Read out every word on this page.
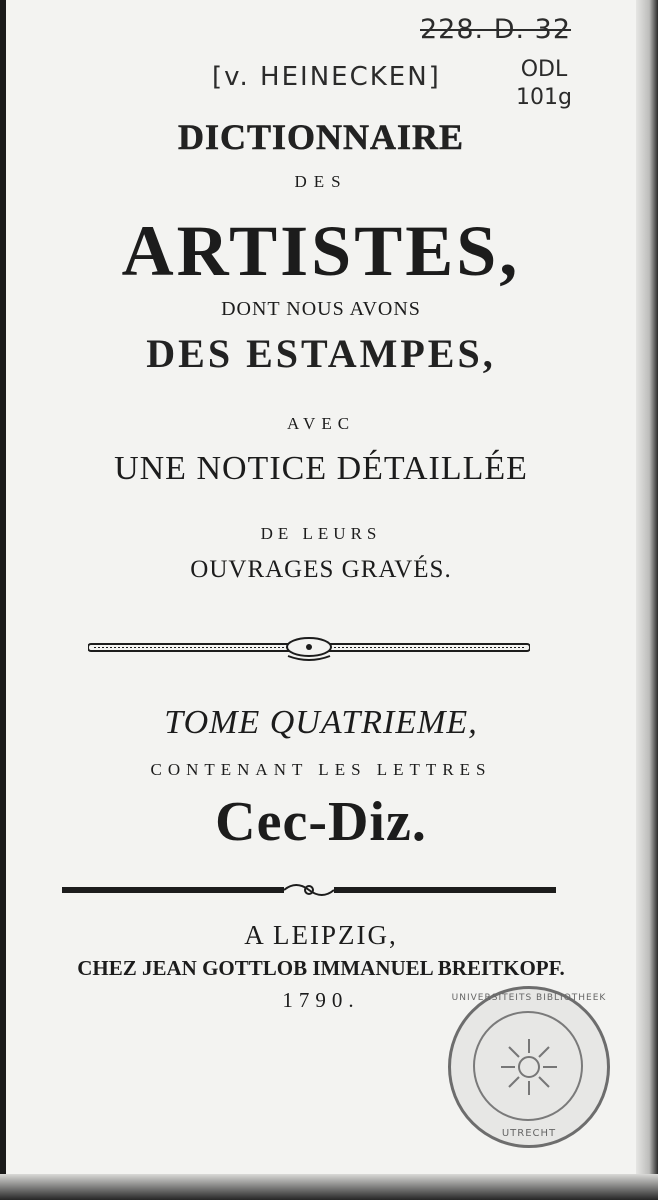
228. D. 32
[v. HEINECKEN]	ODL
101g
DICTIONNAIRE
DES
ARTISTES,
DONT NOUS AVONS
DES ESTAMPES,
AVEC
UNE NOTICE DÉTAILLÉE
DE LEURS
OUVRAGES GRAVÉS.
TOME QUATRIEME,
CONTENANT LES LETTRES
Cec-Diz.
A LEIPZIG,
CHEZ JEAN GOTTLOB IMMANUEL BREITKOPF.
1790.	UNIVERSITEITS BIBLIOTHEEK
UTRECHT
